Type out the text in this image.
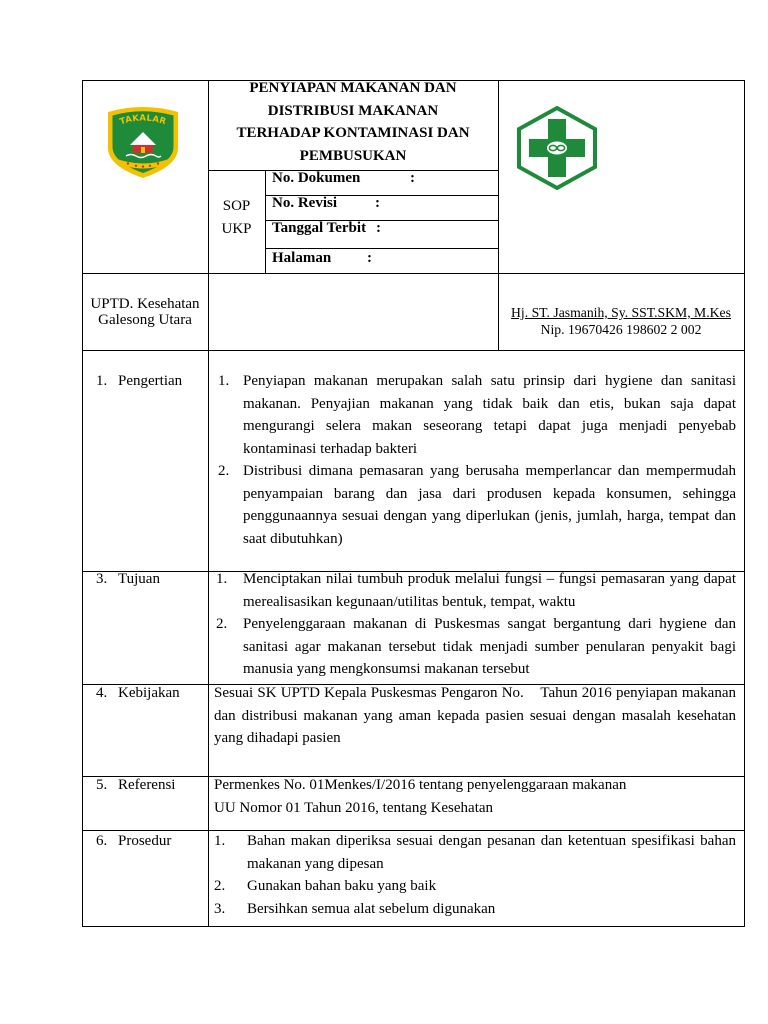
TAKALAR
PENYIAPAN MAKANAN DAN
DISTRIBUSI MAKANAN
TERHADAP KONTAMINASI DAN
PEMBUSUKAN
SOP
UKP
No. Dokumen	:
No. Revisi	:
Tanggal Terbit :
Halaman :
UPTD. Kesehatan
Galesong Utara	Hj. ST. Jasmanih, Sy. SST.SKM, M.Kes
Nip. 19670426 198602 2 002
1. Pengertian 1. Penyiapan makanan merupakan salah satu prinsip dari hygiene dan sanitasi makanan. Penyajian makanan yang tidak baik dan etis, bukan saja dapat mengurangi selera makan seseorang tetapi dapat juga menjadi penyebab kontaminasi terhadap bakteri
2. Distribusi dimana pemasaran yang berusaha memperlancar dan mempermudah penyampaian barang dan jasa dari produsen kepada konsumen, sehingga penggunaannya sesuai dengan yang diperlukan (jenis, jumlah, harga, tempat dan saat dibutuhkan)
3. Tujuan	1. Menciptakan nilai tumbuh produk melalui fungsi – fungsi pemasaran yang dapat merealisasikan kegunaan/utilitas bentuk, tempat, waktu
2. Penyelenggaraan makanan di Puskesmas sangat bergantung dari hygiene dan sanitasi agar makanan tersebut tidak menjadi sumber penularan penyakit bagi manusia yang mengkonsumsi makanan tersebut
4. Kebijakan Sesuai SK UPTD Kepala Puskesmas Pengaron No.    Tahun 2016 penyiapan makanan dan distribusi makanan yang aman kepada pasien sesuai dengan masalah kesehatan yang dihadapi pasien
5. Referensi	Permenkes No. 01Menkes/I/2016 tentang penyelenggaraan makanan
UU Nomor 01 Tahun 2016, tentang Kesehatan
6. Prosedur	1. Bahan makan diperiksa sesuai dengan pesanan dan ketentuan spesifikasi bahan makanan yang dipesan
2. Gunakan bahan baku yang baik
3. Bersihkan semua alat sebelum digunakan
